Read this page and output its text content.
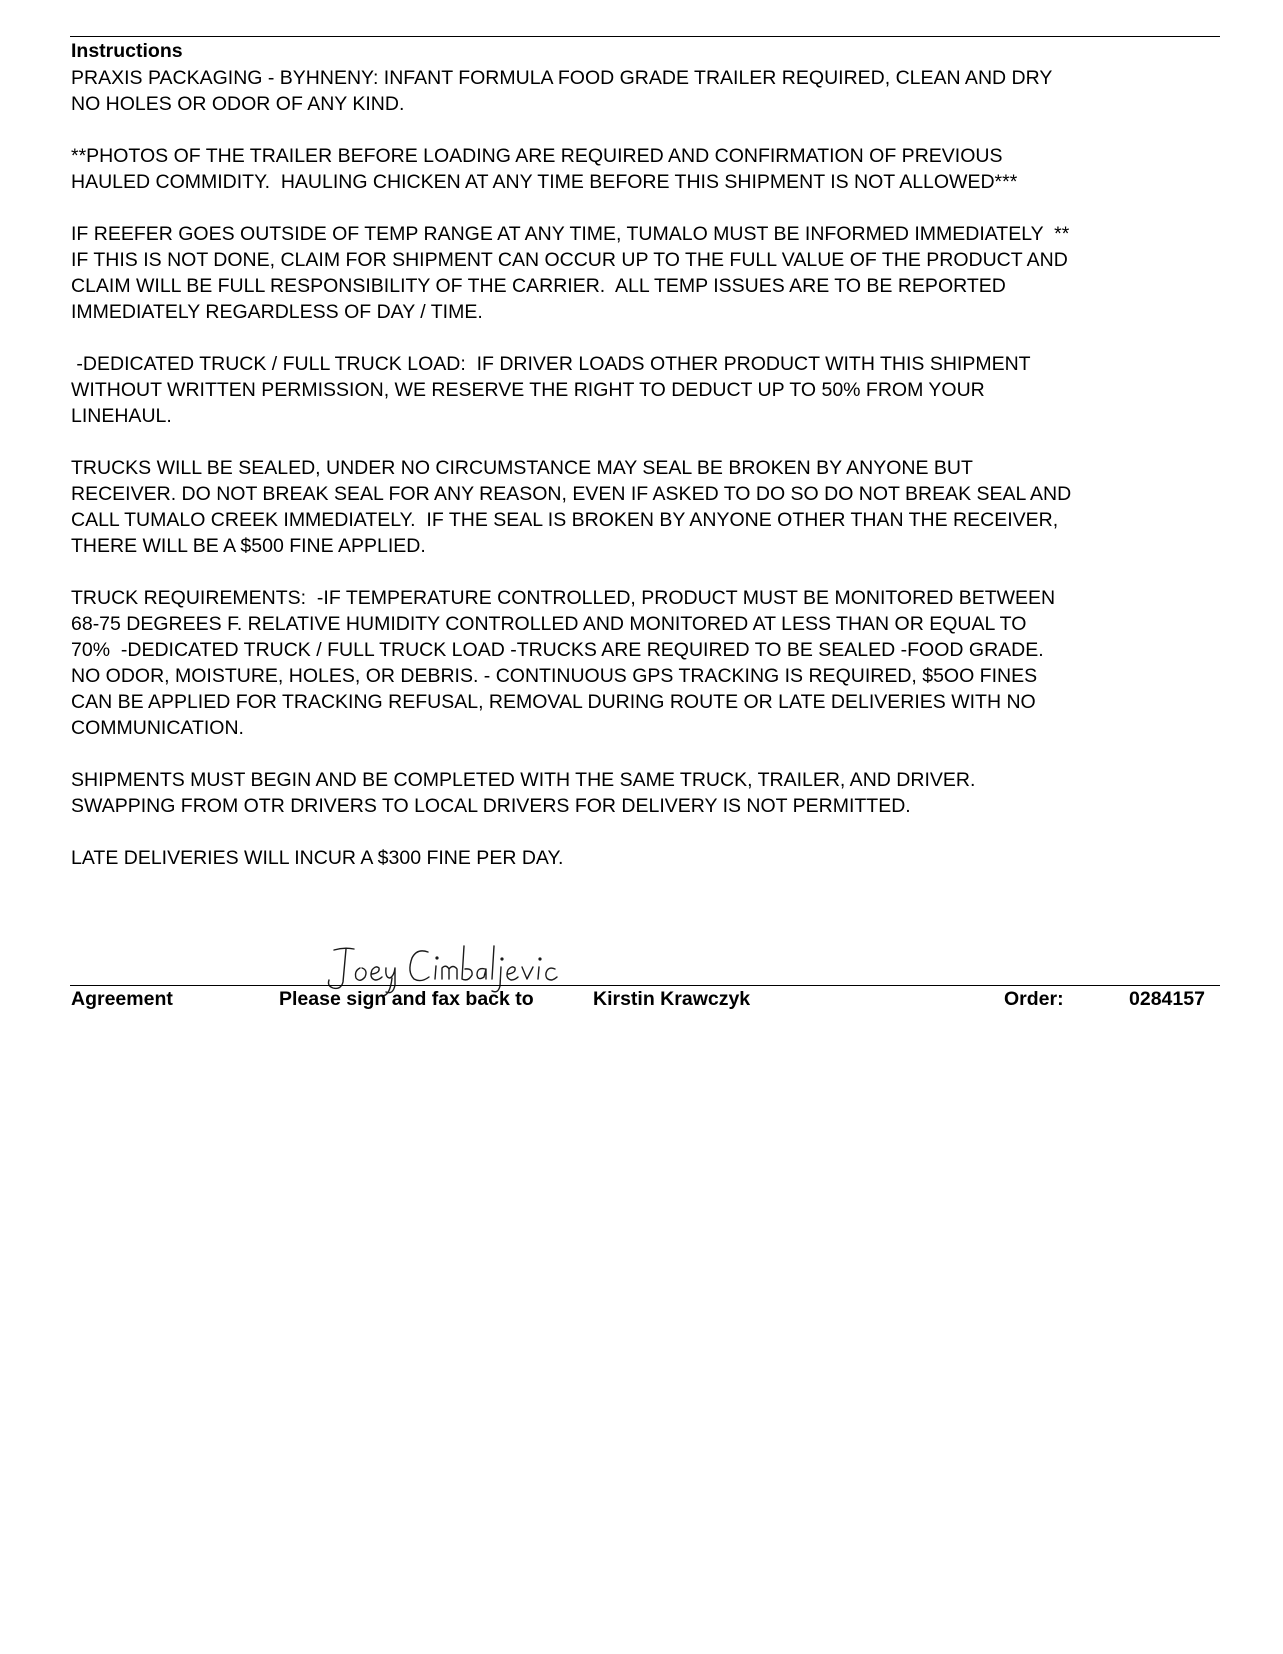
Instructions
PRAXIS PACKAGING - BYHNENY: INFANT FORMULA FOOD GRADE TRAILER REQUIRED, CLEAN AND DRY
NO HOLES OR ODOR OF ANY KIND.
**PHOTOS OF THE TRAILER BEFORE LOADING ARE REQUIRED AND CONFIRMATION OF PREVIOUS
HAULED COMMIDITY.  HAULING CHICKEN AT ANY TIME BEFORE THIS SHIPMENT IS NOT ALLOWED***
IF REEFER GOES OUTSIDE OF TEMP RANGE AT ANY TIME, TUMALO MUST BE INFORMED IMMEDIATELY  **
IF THIS IS NOT DONE, CLAIM FOR SHIPMENT CAN OCCUR UP TO THE FULL VALUE OF THE PRODUCT AND
CLAIM WILL BE FULL RESPONSIBILITY OF THE CARRIER.  ALL TEMP ISSUES ARE TO BE REPORTED
IMMEDIATELY REGARDLESS OF DAY / TIME.
-DEDICATED TRUCK / FULL TRUCK LOAD:  IF DRIVER LOADS OTHER PRODUCT WITH THIS SHIPMENT
WITHOUT WRITTEN PERMISSION, WE RESERVE THE RIGHT TO DEDUCT UP TO 50% FROM YOUR
LINEHAUL.
TRUCKS WILL BE SEALED, UNDER NO CIRCUMSTANCE MAY SEAL BE BROKEN BY ANYONE BUT
RECEIVER. DO NOT BREAK SEAL FOR ANY REASON, EVEN IF ASKED TO DO SO DO NOT BREAK SEAL AND
CALL TUMALO CREEK IMMEDIATELY.  IF THE SEAL IS BROKEN BY ANYONE OTHER THAN THE RECEIVER,
THERE WILL BE A $500 FINE APPLIED.
TRUCK REQUIREMENTS:  -IF TEMPERATURE CONTROLLED, PRODUCT MUST BE MONITORED BETWEEN
68-75 DEGREES F. RELATIVE HUMIDITY CONTROLLED AND MONITORED AT LESS THAN OR EQUAL TO
70%  -DEDICATED TRUCK / FULL TRUCK LOAD -TRUCKS ARE REQUIRED TO BE SEALED -FOOD GRADE.
NO ODOR, MOISTURE, HOLES, OR DEBRIS. - CONTINUOUS GPS TRACKING IS REQUIRED, $5OO FINES
CAN BE APPLIED FOR TRACKING REFUSAL, REMOVAL DURING ROUTE OR LATE DELIVERIES WITH NO
COMMUNICATION.
SHIPMENTS MUST BEGIN AND BE COMPLETED WITH THE SAME TRUCK, TRAILER, AND DRIVER.
SWAPPING FROM OTR DRIVERS TO LOCAL DRIVERS FOR DELIVERY IS NOT PERMITTED.
LATE DELIVERIES WILL INCUR A $300 FINE PER DAY.
Agreement	Please sign and fax back to	Kirstin Krawczyk	Order:	0284157
